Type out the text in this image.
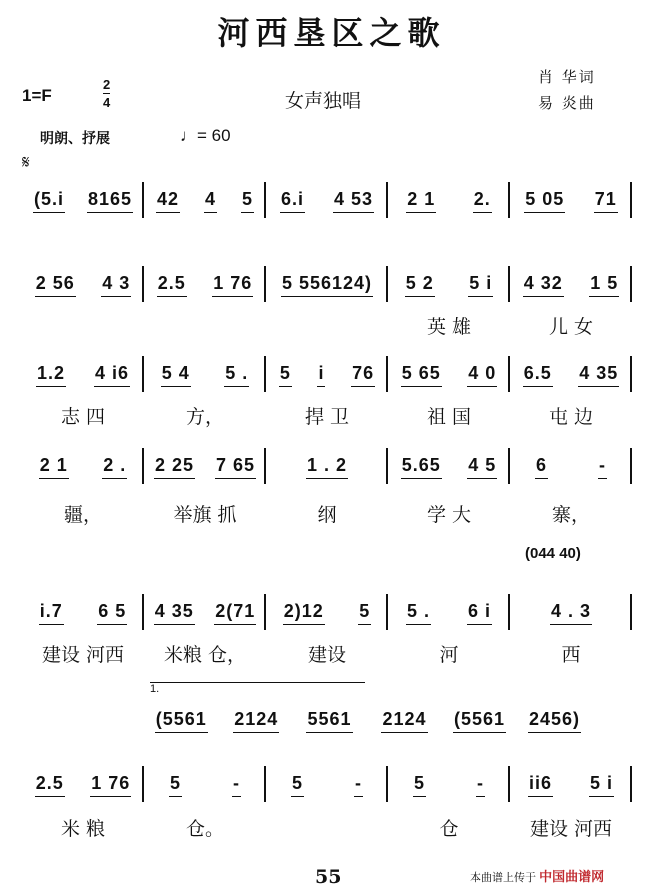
河西垦区之歌
1=F	$\frac{2}{4}$	女声独唱
肖 华词
易 炎曲
明朗、抒展	♩= 60
𝄋
(044 40)
1.
(5.i 8165 42 4 5 6.i 4 53 2 1 2. 5 05 71
2 56 4 3 2.5 1 76 5 556124) 5 2 5 i 4 32 1 5
英 雄	儿 女
1.2 4 i6 5 4 5 . 5 i 76 5 65 4 0 6.5 4 35
志 四	方，	捍 卫	祖 国	屯 边
2 1 2 . 2 25 7 65	1 . 2	5.65 4 5 6	-
疆，	举旗 抓	纲	学 大	寨，
i.7 6 5 4 35 2(71 2)12 5 5 . 6 i	4 . 3
建设 河西	米粮 仓，	建设	河	西
(5561 2124 5561 2124 (5561 2456)
2.5 1 76 5	-	5	-	5	-	ii6 5 i
米 粮	仓。	仓	建设 河西
55	本曲谱上传于 中国曲谱网
